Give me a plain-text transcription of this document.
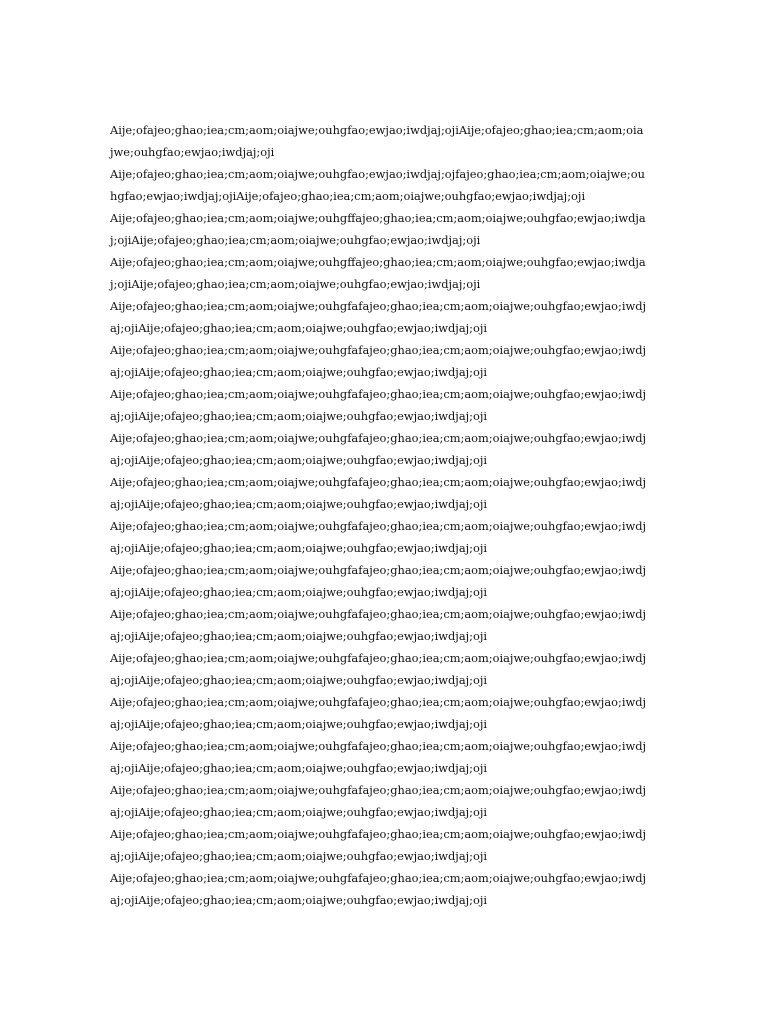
Aije;ofajeo;ghao;iea;cm;aom;oiajwe;ouhgfao;ewjao;iwdjaj;ojiAije;ofajeo;ghao;iea;cm;aom;oia
jwe;ouhgfao;ewjao;iwdjaj;oji

Aije;ofajeo;ghao;iea;cm;aom;oiajwe;ouhgfao;ewjao;iwdjaj;ojfajeo;ghao;iea;cm;aom;oiajwe;ou
hgfao;ewjao;iwdjaj;ojiAije;ofajeo;ghao;iea;cm;aom;oiajwe;ouhgfao;ewjao;iwdjaj;oji

Aije;ofajeo;ghao;iea;cm;aom;oiajwe;ouhgffajeo;ghao;iea;cm;aom;oiajwe;ouhgfao;ewjao;iwdja
j;ojiAije;ofajeo;ghao;iea;cm;aom;oiajwe;ouhgfao;ewjao;iwdjaj;oji

Aije;ofajeo;ghao;iea;cm;aom;oiajwe;ouhgffajeo;ghao;iea;cm;aom;oiajwe;ouhgfao;ewjao;iwdja
j;ojiAije;ofajeo;ghao;iea;cm;aom;oiajwe;ouhgfao;ewjao;iwdjaj;oji

Aije;ofajeo;ghao;iea;cm;aom;oiajwe;ouhgfafajeo;ghao;iea;cm;aom;oiajwe;ouhgfao;ewjao;iwdj
aj;ojiAije;ofajeo;ghao;iea;cm;aom;oiajwe;ouhgfao;ewjao;iwdjaj;oji

Aije;ofajeo;ghao;iea;cm;aom;oiajwe;ouhgfafajeo;ghao;iea;cm;aom;oiajwe;ouhgfao;ewjao;iwdj
aj;ojiAije;ofajeo;ghao;iea;cm;aom;oiajwe;ouhgfao;ewjao;iwdjaj;oji

Aije;ofajeo;ghao;iea;cm;aom;oiajwe;ouhgfafajeo;ghao;iea;cm;aom;oiajwe;ouhgfao;ewjao;iwdj
aj;ojiAije;ofajeo;ghao;iea;cm;aom;oiajwe;ouhgfao;ewjao;iwdjaj;oji

Aije;ofajeo;ghao;iea;cm;aom;oiajwe;ouhgfafajeo;ghao;iea;cm;aom;oiajwe;ouhgfao;ewjao;iwdj
aj;ojiAije;ofajeo;ghao;iea;cm;aom;oiajwe;ouhgfao;ewjao;iwdjaj;oji

Aije;ofajeo;ghao;iea;cm;aom;oiajwe;ouhgfafajeo;ghao;iea;cm;aom;oiajwe;ouhgfao;ewjao;iwdj
aj;ojiAije;ofajeo;ghao;iea;cm;aom;oiajwe;ouhgfao;ewjao;iwdjaj;oji

Aije;ofajeo;ghao;iea;cm;aom;oiajwe;ouhgfafajeo;ghao;iea;cm;aom;oiajwe;ouhgfao;ewjao;iwdj
aj;ojiAije;ofajeo;ghao;iea;cm;aom;oiajwe;ouhgfao;ewjao;iwdjaj;oji

Aije;ofajeo;ghao;iea;cm;aom;oiajwe;ouhgfafajeo;ghao;iea;cm;aom;oiajwe;ouhgfao;ewjao;iwdj
aj;ojiAije;ofajeo;ghao;iea;cm;aom;oiajwe;ouhgfao;ewjao;iwdjaj;oji

Aije;ofajeo;ghao;iea;cm;aom;oiajwe;ouhgfafajeo;ghao;iea;cm;aom;oiajwe;ouhgfao;ewjao;iwdj
aj;ojiAije;ofajeo;ghao;iea;cm;aom;oiajwe;ouhgfao;ewjao;iwdjaj;oji

Aije;ofajeo;ghao;iea;cm;aom;oiajwe;ouhgfafajeo;ghao;iea;cm;aom;oiajwe;ouhgfao;ewjao;iwdj
aj;ojiAije;ofajeo;ghao;iea;cm;aom;oiajwe;ouhgfao;ewjao;iwdjaj;oji

Aije;ofajeo;ghao;iea;cm;aom;oiajwe;ouhgfafajeo;ghao;iea;cm;aom;oiajwe;ouhgfao;ewjao;iwdj
aj;ojiAije;ofajeo;ghao;iea;cm;aom;oiajwe;ouhgfao;ewjao;iwdjaj;oji

Aije;ofajeo;ghao;iea;cm;aom;oiajwe;ouhgfafajeo;ghao;iea;cm;aom;oiajwe;ouhgfao;ewjao;iwdj
aj;ojiAije;ofajeo;ghao;iea;cm;aom;oiajwe;ouhgfao;ewjao;iwdjaj;oji

Aije;ofajeo;ghao;iea;cm;aom;oiajwe;ouhgfafajeo;ghao;iea;cm;aom;oiajwe;ouhgfao;ewjao;iwdj
aj;ojiAije;ofajeo;ghao;iea;cm;aom;oiajwe;ouhgfao;ewjao;iwdjaj;oji

Aije;ofajeo;ghao;iea;cm;aom;oiajwe;ouhgfafajeo;ghao;iea;cm;aom;oiajwe;ouhgfao;ewjao;iwdj
aj;ojiAije;ofajeo;ghao;iea;cm;aom;oiajwe;ouhgfao;ewjao;iwdjaj;oji

Aije;ofajeo;ghao;iea;cm;aom;oiajwe;ouhgfafajeo;ghao;iea;cm;aom;oiajwe;ouhgfao;ewjao;iwdj
aj;ojiAije;ofajeo;ghao;iea;cm;aom;oiajwe;ouhgfao;ewjao;iwdjaj;oji
